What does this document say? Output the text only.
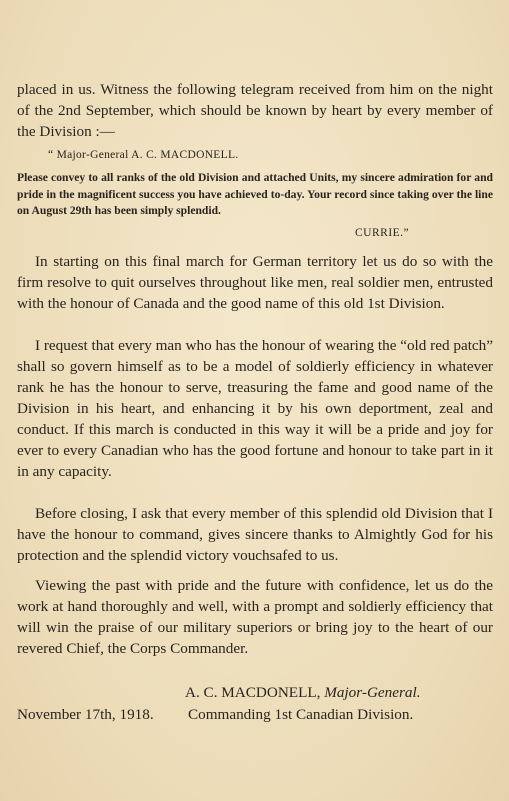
placed in us. Witness the following telegram received from him on the night of the 2nd September, which should be known by heart by every member of the Division :—

“ Major-General A. C. MACDONELL.

Please convey to all ranks of the old Division and attached Units, my sincere admiration for and pride in the magnificent success you have achieved to-day. Your record since taking over the line on August 29th has been simply splendid.

CURRIE.”

In starting on this final march for German territory let us do so with the firm resolve to quit ourselves throughout like men, real soldier men, entrusted with the honour of Canada and the good name of this old 1st Division.

I request that every man who has the honour of wearing the “old red patch” shall so govern himself as to be a model of soldierly efficiency in whatever rank he has the honour to serve, treasuring the fame and good name of the Division in his heart, and enhancing it by his own deportment, zeal and conduct. If this march is conducted in this way it will be a pride and joy for ever to every Canadian who has the good fortune and honour to take part in it in any capacity.

Before closing, I ask that every member of this splendid old Division that I have the honour to command, gives sincere thanks to Almightly God for his protection and the splendid victory vouchsafed to us.

Viewing the past with pride and the future with confidence, let us do the work at hand thoroughly and well, with a prompt and soldierly efficiency that will win the praise of our military superiors or bring joy to the heart of our revered Chief, the Corps Commander.

A. C. MACDONELL, Major-General.

November 17th, 1918. Commanding 1st Canadian Division.
